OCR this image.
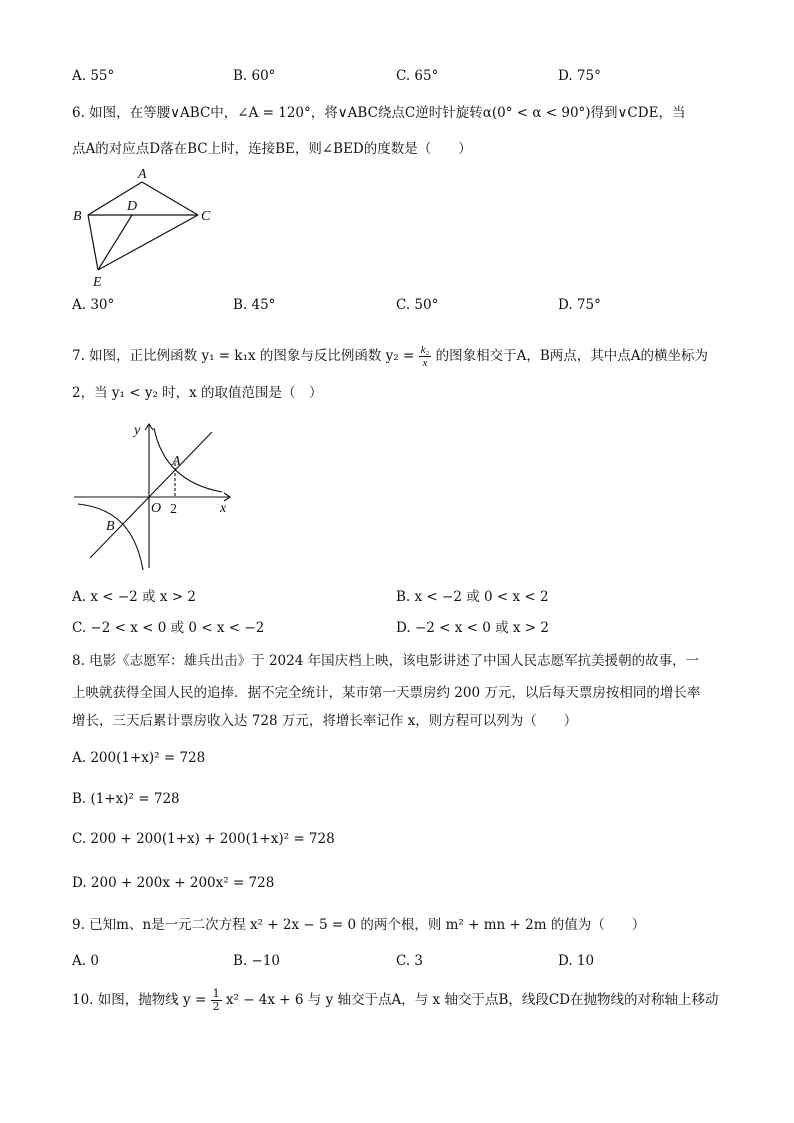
A. 55°	B. 60°	C. 65°	D. 75°
6. 如图，在等腰∨ABC中，∠A = 120°，将∨ABC绕点C逆时针旋转α(0° < α < 90°)得到∨CDE，当
点A的对应点D落在BC上时，连接BE，则∠BED的度数是（　　）
A
B
D
C
E
A. 30°	B. 45°	C. 50°	D. 75°
7. 如图，正比例函数 y₁ = k₁x 的图象与反比例函数 $y_2 = \frac{\text{k₂}}{x}$ 的图象相交于A，B两点，其中点A的横坐标为
2，当 y₁ < y₂ 时，x 的取值范围是（　）
y
x
O 2
A
B
A. x < −2 或 x > 2	B. x < −2 或 0 < x < 2
C. −2 < x < 0 或 0 < x < −2	D. −2 < x < 0 或 x > 2
8. 电影《志愿军：雄兵出击》于 2024 年国庆档上映，该电影讲述了中国人民志愿军抗美援朝的故事，一
上映就获得全国人民的追捧．据不完全统计，某市第一天票房约 200 万元，以后每天票房按相同的增长率
增长，三天后累计票房收入达 728 万元，将增长率记作 x，则方程可以列为（　　）
A. 200(1+x)² = 728
B. (1+x)² = 728
C. 200 + 200(1+x) + 200(1+x)² = 728
D. 200 + 200x + 200x² = 728
9. 已知m、n是一元二次方程 x² + 2x − 5 = 0 的两个根，则 m² + mn + 2m 的值为（　　）
A. 0	B. −10	C. 3	D. 10
10. 如图，抛物线 $y = \frac{1}{2} x^2 - 4x + 6$ 与 y 轴交于点A，与 x 轴交于点B，线段CD在抛物线的对称轴上移动
